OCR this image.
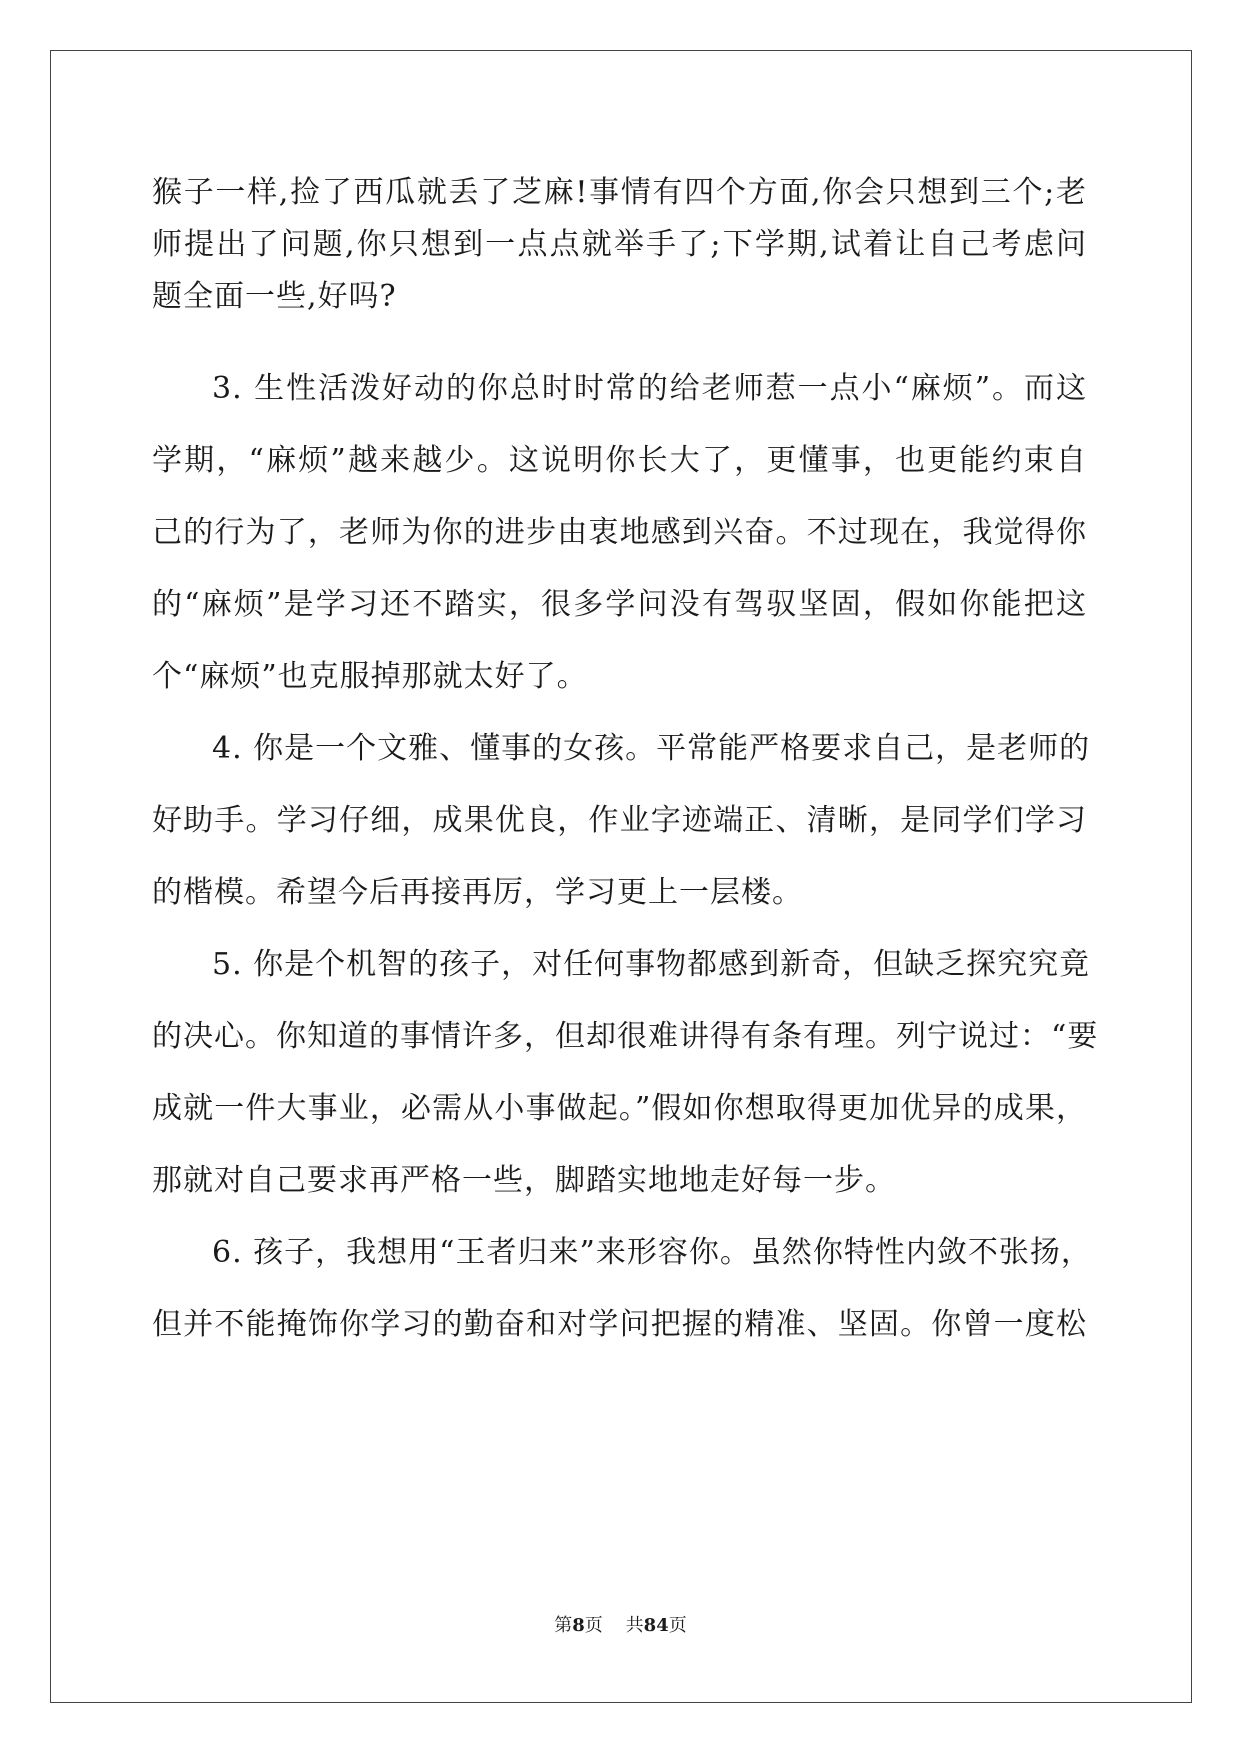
猴子一样,捡了西瓜就丢了芝麻!事情有四个方面,你会只想到三个;老
师提出了问题,你只想到一点点就举手了;下学期,试着让自己考虑问
题全面一些,好吗?
3. 生性活泼好动的你总时时常的给老师惹一点小“麻烦”。而这
学期，“麻烦”越来越少。这说明你长大了，更懂事，也更能约束自
己的行为了，老师为你的进步由衷地感到兴奋。不过现在，我觉得你
的“麻烦”是学习还不踏实，很多学问没有驾驭坚固，假如你能把这
个“麻烦”也克服掉那就太好了。
4. 你是一个文雅、懂事的女孩。平常能严格要求自己，是老师的
好助手。学习仔细，成果优良，作业字迹端正、清晰，是同学们学习
的楷模。希望今后再接再厉，学习更上一层楼。
5. 你是个机智的孩子，对任何事物都感到新奇，但缺乏探究究竟
的决心。你知道的事情许多，但却很难讲得有条有理。列宁说过：“要
成就一件大事业，必需从小事做起。”假如你想取得更加优异的成果，
那就对自己要求再严格一些，脚踏实地地走好每一步。
6. 孩子，我想用“王者归来”来形容你。虽然你特性内敛不张扬，
但并不能掩饰你学习的勤奋和对学问把握的精准、坚固。你曾一度松
第8页 共84页
